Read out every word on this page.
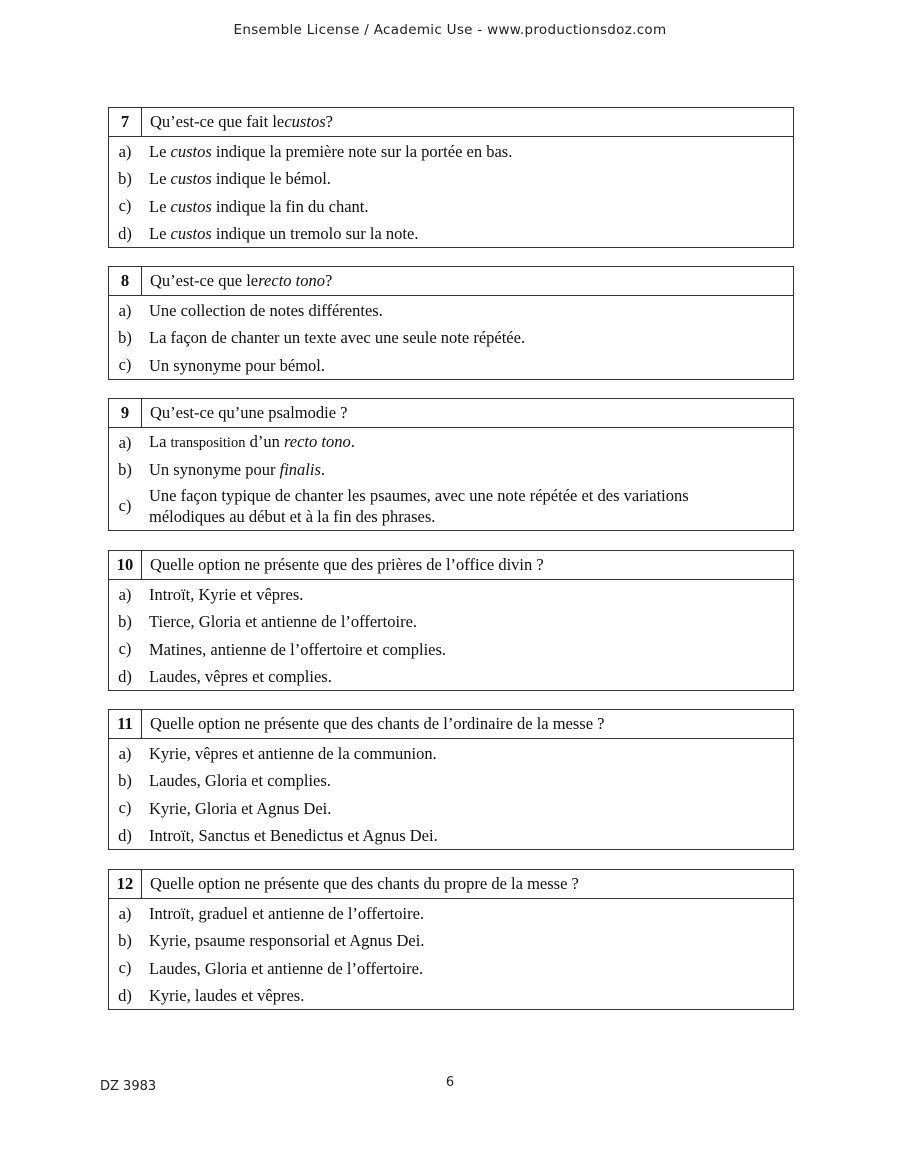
Ensemble License / Academic Use - www.productionsdoz.com
7	Qu’est-ce que fait le
custos ?
a)	Le custos indique la première note sur la portée en bas.
b)	Le custos indique le bémol.
c)	Le custos indique la fin du chant.
d)	Le custos indique un tremolo sur la note.
8	Qu’est-ce que le
recto tono ?
a)	Une collection de notes différentes.
b)	La façon de chanter un texte avec une seule note répétée.
c)	Un synonyme pour bémol.
9	Qu’est-ce qu’une psalmodie ?
a)	La transposition d’un recto tono.
b)	Un synonyme pour finalis.
c)
Une façon typique de chanter les psaumes, avec une note répétée et des variations mélodiques au début et à la fin des phrases.
10	Quelle option ne présente que des prières de l’office divin ?
a)	Introït, Kyrie et vêpres.
b)	Tierce, Gloria et antienne de l’offertoire.
c)	Matines, antienne de l’offertoire et complies.
d)	Laudes, vêpres et complies.
11	Quelle option ne présente que des chants de l’ordinaire de la messe ?
a)	Kyrie, vêpres et antienne de la communion.
b)	Laudes, Gloria et complies.
c)	Kyrie, Gloria et Agnus Dei.
d)	Introït, Sanctus et Benedictus et Agnus Dei.
12	Quelle option ne présente que des chants du propre de la messe ?
a)	Introït, graduel et antienne de l’offertoire.
b)	Kyrie, psaume responsorial et Agnus Dei.
c)	Laudes, Gloria et antienne de l’offertoire.
d)	Kyrie, laudes et vêpres.
DZ 3983	6
